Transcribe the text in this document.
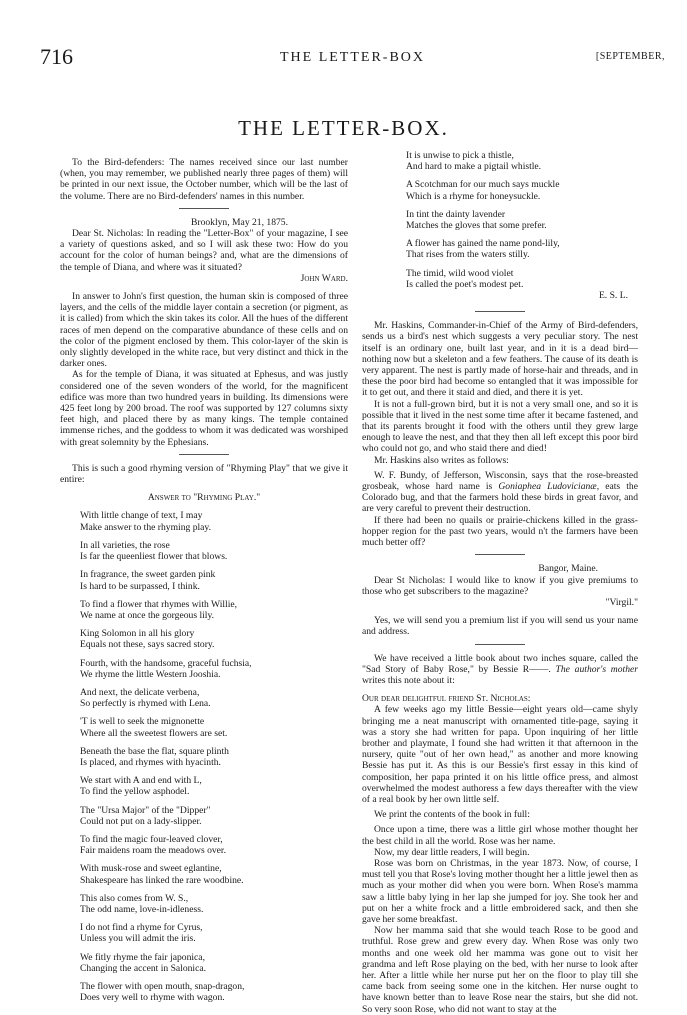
716	THE LETTER-BOX	[SEPTEMBER,
THE LETTER-BOX.

To the Bird-defenders: The names received since our last number (when, you may remember, we published nearly three pages of them) will be printed in our next issue, the October number, which will be the last of the volume. There are no Bird-defenders' names in this number.

Brooklyn, May 21, 1875.

Dear St. Nicholas: In reading the "Letter-Box" of your magazine, I see a variety of questions asked, and so I will ask these two: How do you account for the color of human beings? and, what are the dimensions of the temple of Diana, and where was it situated?

John Ward.

In answer to John's first question, the human skin is composed of three layers, and the cells of the middle layer contain a secretion (or pigment, as it is called) from which the skin takes its color. All the hues of the different races of men depend on the comparative abundance of these cells and on the color of the pigment enclosed by them. This color-layer of the skin is only slightly developed in the white race, but very distinct and thick in the darker ones.

As for the temple of Diana, it was situated at Ephesus, and was justly considered one of the seven wonders of the world, for the magnificent edifice was more than two hundred years in building. Its dimensions were 425 feet long by 200 broad. The roof was supported by 127 columns sixty feet high, and placed there by as many kings. The temple contained immense riches, and the goddess to whom it was dedicated was worshiped with great solemnity by the Ephesians.

This is such a good rhyming version of "Rhyming Play" that we give it entire:

Answer to "Rhyming Play."

With little change of text, I may

Make answer to the rhyming play.

In all varieties, the rose

Is far the queenliest flower that blows.

In fragrance, the sweet garden pink

Is hard to be surpassed, I think.

To find a flower that rhymes with Willie,

We name at once the gorgeous lily.

King Solomon in all his glory

Equals not these, says sacred story.

Fourth, with the handsome, graceful fuchsia,

We rhyme the little Western Jooshia.

And next, the delicate verbena,

So perfectly is rhymed with Lena.

'T is well to seek the mignonette

Where all the sweetest flowers are set.

Beneath the base the flat, square plinth

Is placed, and rhymes with hyacinth.

We start with A and end with L,

To find the yellow asphodel.

The "Ursa Major" of the "Dipper"

Could not put on a lady-slipper.

To find the magic four-leaved clover,

Fair maidens roam the meadows over.

With musk-rose and sweet eglantine,

Shakespeare has linked the rare woodbine.

This also comes from W. S.,

The odd name, love-in-idleness.

I do not find a rhyme for Cyrus,

Unless you will admit the iris.

We fitly rhyme the fair japonica,

Changing the accent in Salonica.

The flower with open mouth, snap-dragon,

Does very well to rhyme with wagon.

It is unwise to pick a thistle,

And hard to make a pigtail whistle.

A Scotchman for our much says muckle

Which is a rhyme for honeysuckle.

In tint the dainty lavender

Matches the gloves that some prefer.

A flower has gained the name pond-lily,

That rises from the waters stilly.

The timid, wild wood violet

Is called the poet's modest pet.

E. S. L.

Mr. Haskins, Commander-in-Chief of the Army of Bird-defenders, sends us a bird's nest which suggests a very peculiar story. The nest itself is an ordinary one, built last year, and in it is a dead bird—nothing now but a skeleton and a few feathers. The cause of its death is very apparent. The nest is partly made of horse-hair and threads, and in these the poor bird had become so entangled that it was impossible for it to get out, and there it staid and died, and there it is yet.

It is not a full-grown bird, but it is not a very small one, and so it is possible that it lived in the nest some time after it became fastened, and that its parents brought it food with the others until they grew large enough to leave the nest, and that they then all left except this poor bird who could not go, and who staid there and died!

Mr. Haskins also writes as follows:

W. F. Bundy, of Jefferson, Wisconsin, says that the rose-breasted grosbeak, whose hard name is Goniaphea Ludovicianæ, eats the Colorado bug, and that the farmers hold these birds in great favor, and are very careful to prevent their destruction.

If there had been no quails or prairie-chickens killed in the grass-hopper region for the past two years, would n't the farmers have been much better off?

Bangor, Maine.

Dear St Nicholas: I would like to know if you give premiums to those who get subscribers to the magazine?

"Virgil."

Yes, we will send you a premium list if you will send us your name and address.

We have received a little book about two inches square, called the "Sad Story of Baby Rose," by Bessie R——. The author's mother writes this note about it:

Our dear delightful friend St. Nicholas:

A few weeks ago my little Bessie—eight years old—came shyly bringing me a neat manuscript with ornamented title-page, saying it was a story she had written for papa. Upon inquiring of her little brother and playmate, I found she had written it that afternoon in the nursery, quite "out of her own head," as another and more knowing Bessie has put it. As this is our Bessie's first essay in this kind of composition, her papa printed it on his little office press, and almost overwhelmed the modest authoress a few days thereafter with the view of a real book by her own little self.

We print the contents of the book in full:

Once upon a time, there was a little girl whose mother thought her the best child in all the world. Rose was her name.

Now, my dear little readers, I will begin.

Rose was born on Christmas, in the year 1873. Now, of course, I must tell you that Rose's loving mother thought her a little jewel then as much as your mother did when you were born. When Rose's mamma saw a little baby lying in her lap she jumped for joy. She took her and put on her a white frock and a little embroidered sack, and then she gave her some breakfast.

Now her mamma said that she would teach Rose to be good and truthful. Rose grew and grew every day. When Rose was only two months and one week old her mamma was gone out to visit her grandma and left Rose playing on the bed, with her nurse to look after her. After a little while her nurse put her on the floor to play till she came back from seeing some one in the kitchen. Her nurse ought to have known better than to leave Rose near the stairs, but she did not. So very soon Rose, who did not want to stay at the
